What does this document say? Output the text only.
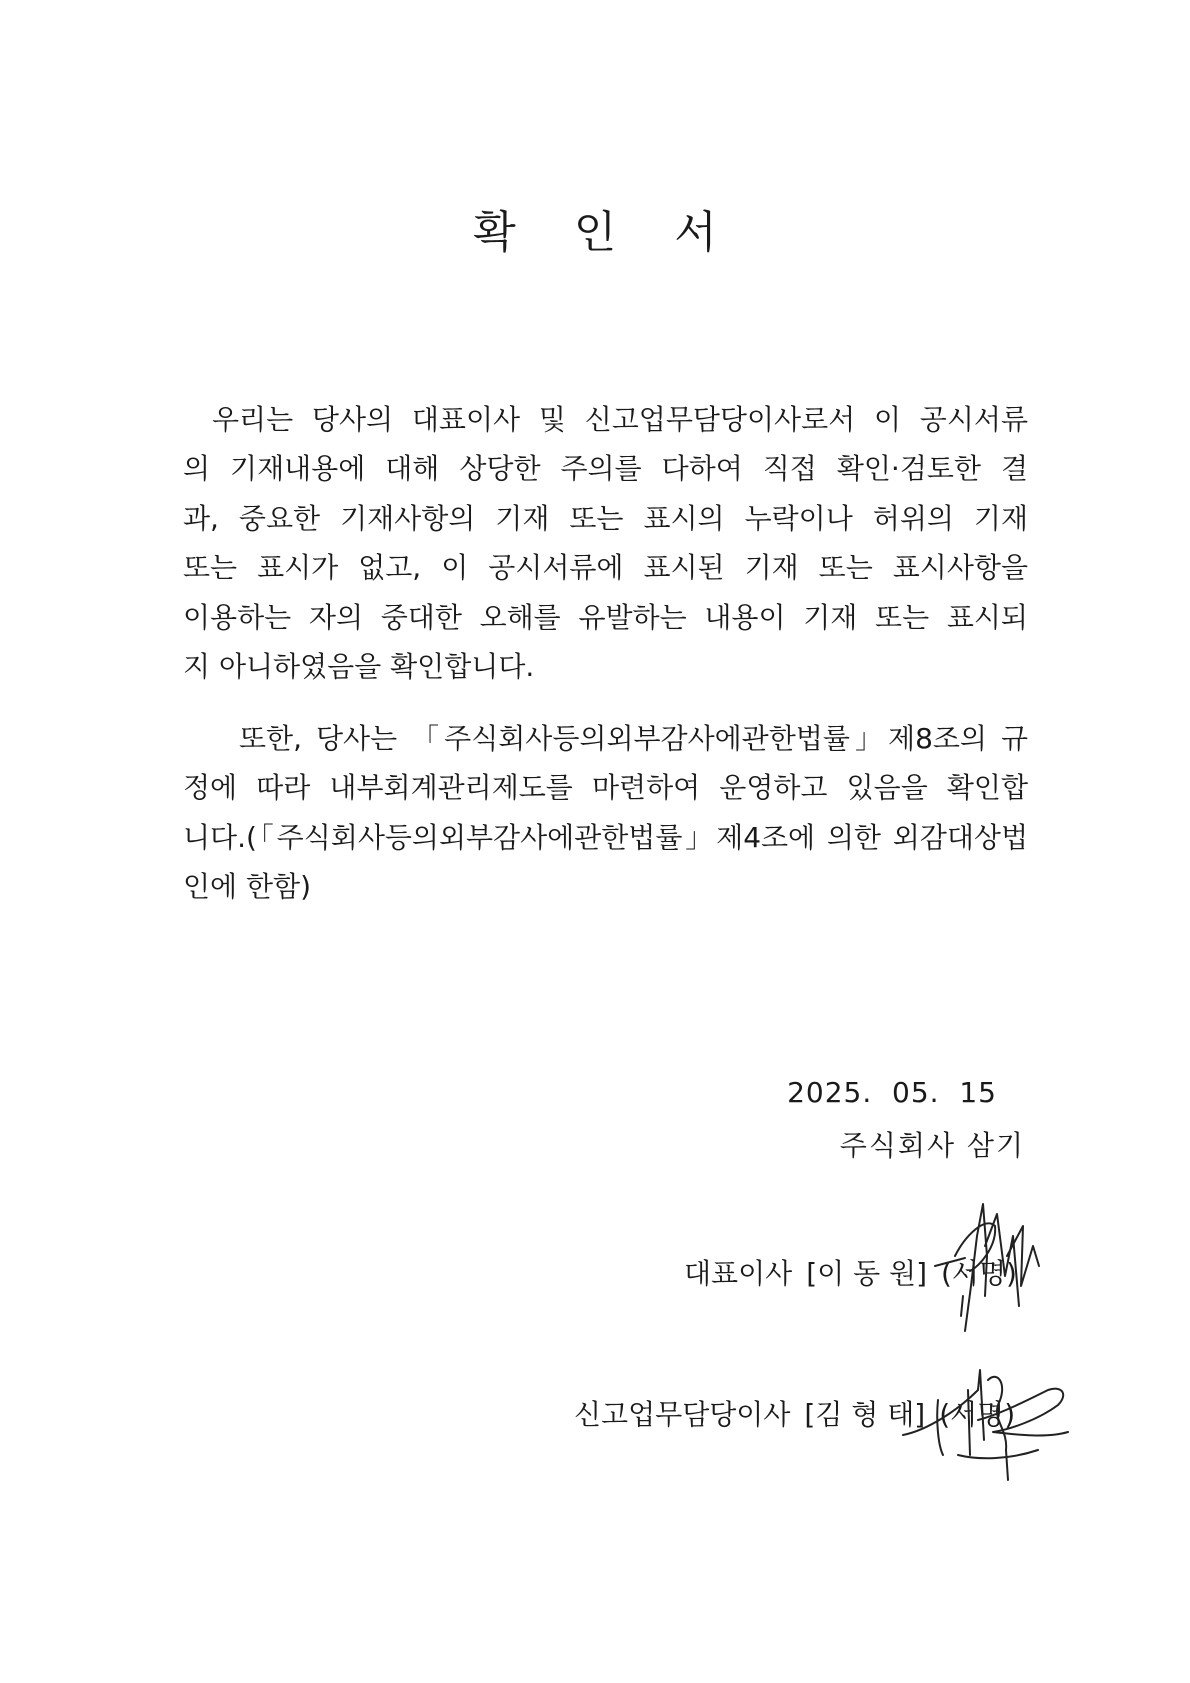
확 인 서

우리는 당사의 대표이사 및 신고업무담당이사로서 이 공시서류
의 기재내용에 대해 상당한 주의를 다하여 직접 확인·검토한 결
과, 중요한 기재사항의 기재 또는 표시의 누락이나 허위의 기재
또는 표시가 없고, 이 공시서류에 표시된 기재 또는 표시사항을
이용하는 자의 중대한 오해를 유발하는 내용이 기재 또는 표시되
지 아니하였음을 확인합니다.

또한, 당사는 「주식회사등의외부감사에관한법률」제8조의 규
정에 따라 내부회계관리제도를 마련하여 운영하고 있음을 확인합
니다.(「주식회사등의외부감사에관한법률」제4조에 의한 외감대상법
인에 한함)

2025.  05.  15

주식회사 삼기

대표이사 [이 동 원] (서명)

신고업무담당이사 [김 형 태] (서명)
